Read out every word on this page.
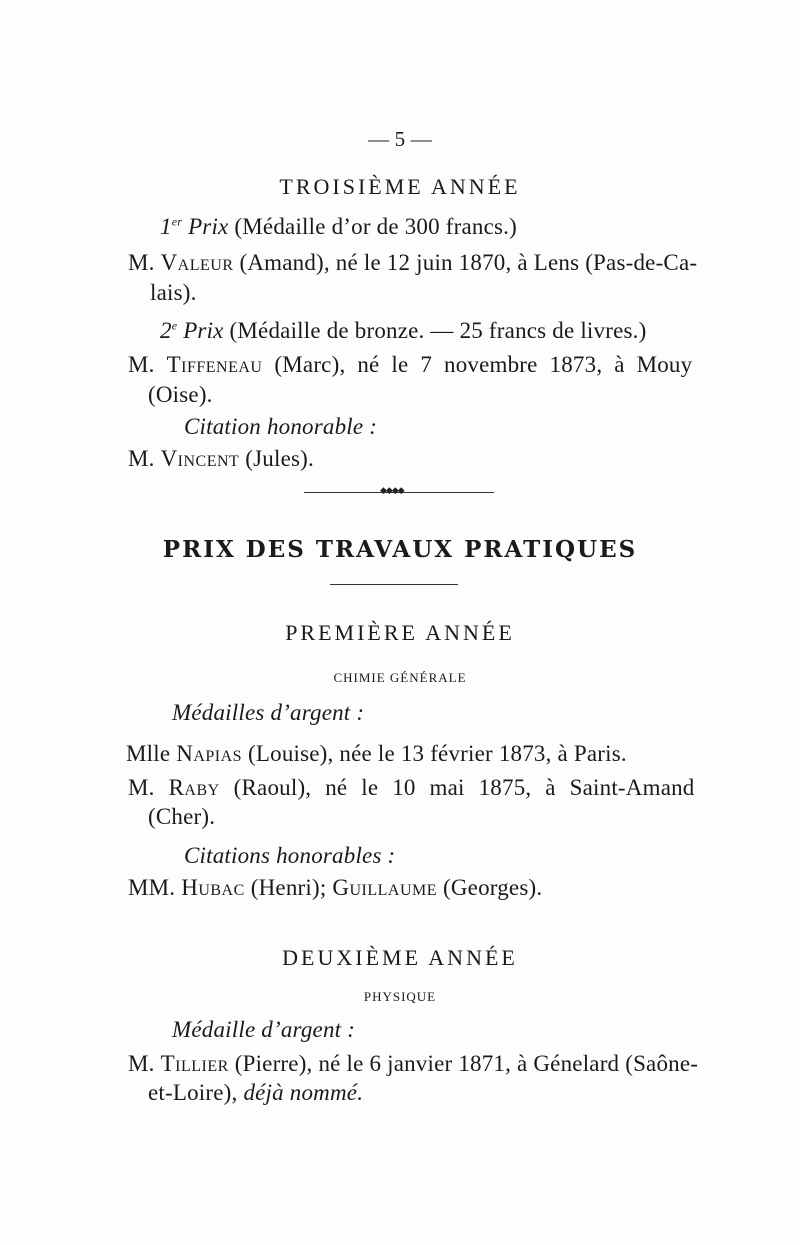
— 5 —
TROISIÈME ANNÉE
1er Prix (Médaille d’or de 300 francs.)
M. Valeur (Amand), né le 12 juin 1870, à Lens (Pas-de-Ca-
lais).
2e Prix (Médaille de bronze. — 25 francs de livres.)
M. Tiffeneau (Marc), né le 7 novembre 1873, à Mouy
(Oise).
Citation honorable :
M. Vincent (Jules).
◆◆◆◆
PRIX DES TRAVAUX PRATIQUES
PREMIÈRE ANNÉE
CHIMIE GÉNÉRALE
Médailles d’argent :
Mlle Napias (Louise), née le 13 février 1873, à Paris.
M. Raby (Raoul), né le 10 mai 1875, à Saint-Amand
(Cher).
Citations honorables :
MM. Hubac (Henri); Guillaume (Georges).
DEUXIÈME ANNÉE
PHYSIQUE
Médaille d’argent :
M. Tillier (Pierre), né le 6 janvier 1871, à Génelard (Saône-
et-Loire), déjà nommé.
